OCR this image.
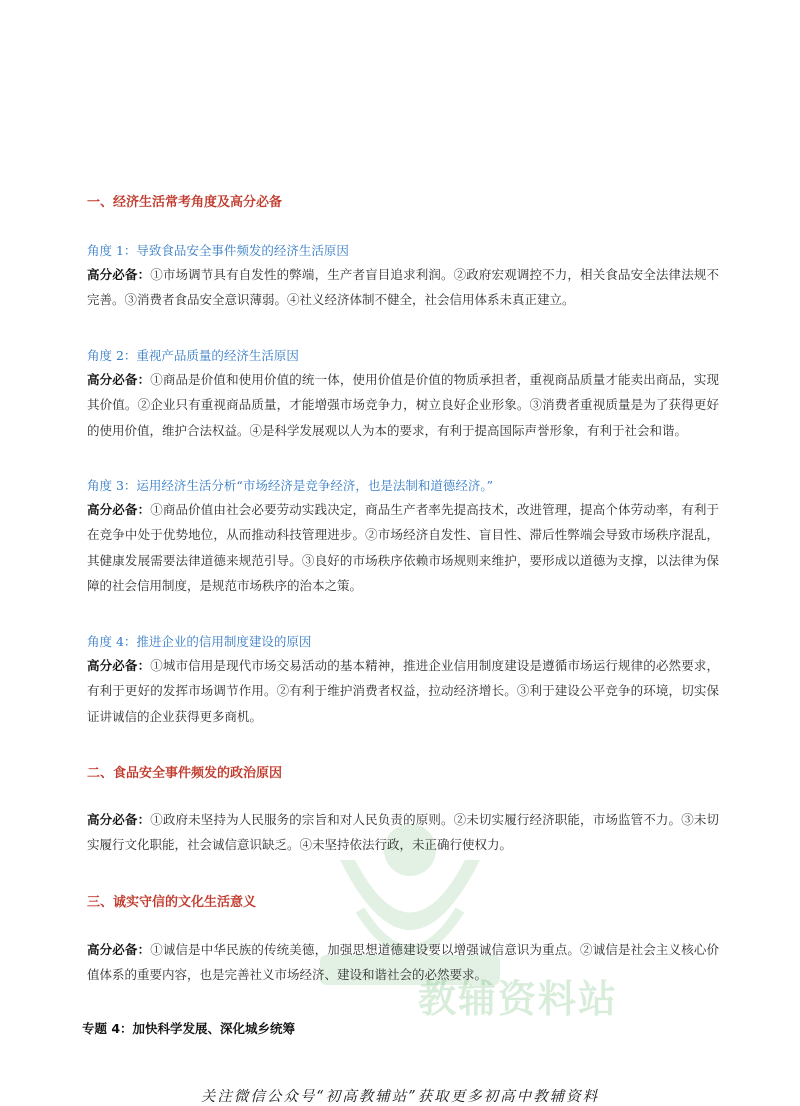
教辅资料站
一、经济生活常考角度及高分必备
角度 1：导致食品安全事件频发的经济生活原因
高分必备：①市场调节具有自发性的弊端，生产者盲目追求利润。②政府宏观调控不力，相关食品安全法律法规不完善。③消费者食品安全意识薄弱。④社义经济体制不健全，社会信用体系未真正建立。
角度 2：重视产品质量的经济生活原因
高分必备：①商品是价值和使用价值的统一体，使用价值是价值的物质承担者，重视商品质量才能卖出商品，实现其价值。②企业只有重视商品质量，才能增强市场竞争力，树立良好企业形象。③消费者重视质量是为了获得更好的使用价值，维护合法权益。④是科学发展观以人为本的要求，有利于提高国际声誉形象，有利于社会和谐。
角度 3：运用经济生活分析“市场经济是竞争经济，也是法制和道德经济。”
高分必备：①商品价值由社会必要劳动实践决定，商品生产者率先提高技术，改进管理，提高个体劳动率，有利于在竞争中处于优势地位，从而推动科技管理进步。②市场经济自发性、盲目性、滞后性弊端会导致市场秩序混乱，其健康发展需要法律道德来规范引导。③良好的市场秩序依赖市场规则来维护，要形成以道德为支撑，以法律为保障的社会信用制度，是规范市场秩序的治本之策。
角度 4：推进企业的信用制度建设的原因
高分必备：①城市信用是现代市场交易活动的基本精神，推进企业信用制度建设是遵循市场运行规律的必然要求，有利于更好的发挥市场调节作用。②有利于维护消费者权益，拉动经济增长。③利于建设公平竞争的环境，切实保证讲诚信的企业获得更多商机。
二、食品安全事件频发的政治原因
高分必备：①政府未坚持为人民服务的宗旨和对人民负责的原则。②未切实履行经济职能，市场监管不力。③未切实履行文化职能，社会诚信意识缺乏。④未坚持依法行政，未正确行使权力。
三、诚实守信的文化生活意义
高分必备：①诚信是中华民族的传统美德，加强思想道德建设要以增强诚信意识为重点。②诚信是社会主义核心价值体系的重要内容，也是完善社义市场经济、建设和谐社会的必然要求。
专题 4：加快科学发展、深化城乡统筹
关注微信公众号“初高教辅站”获取更多初高中教辅资料
